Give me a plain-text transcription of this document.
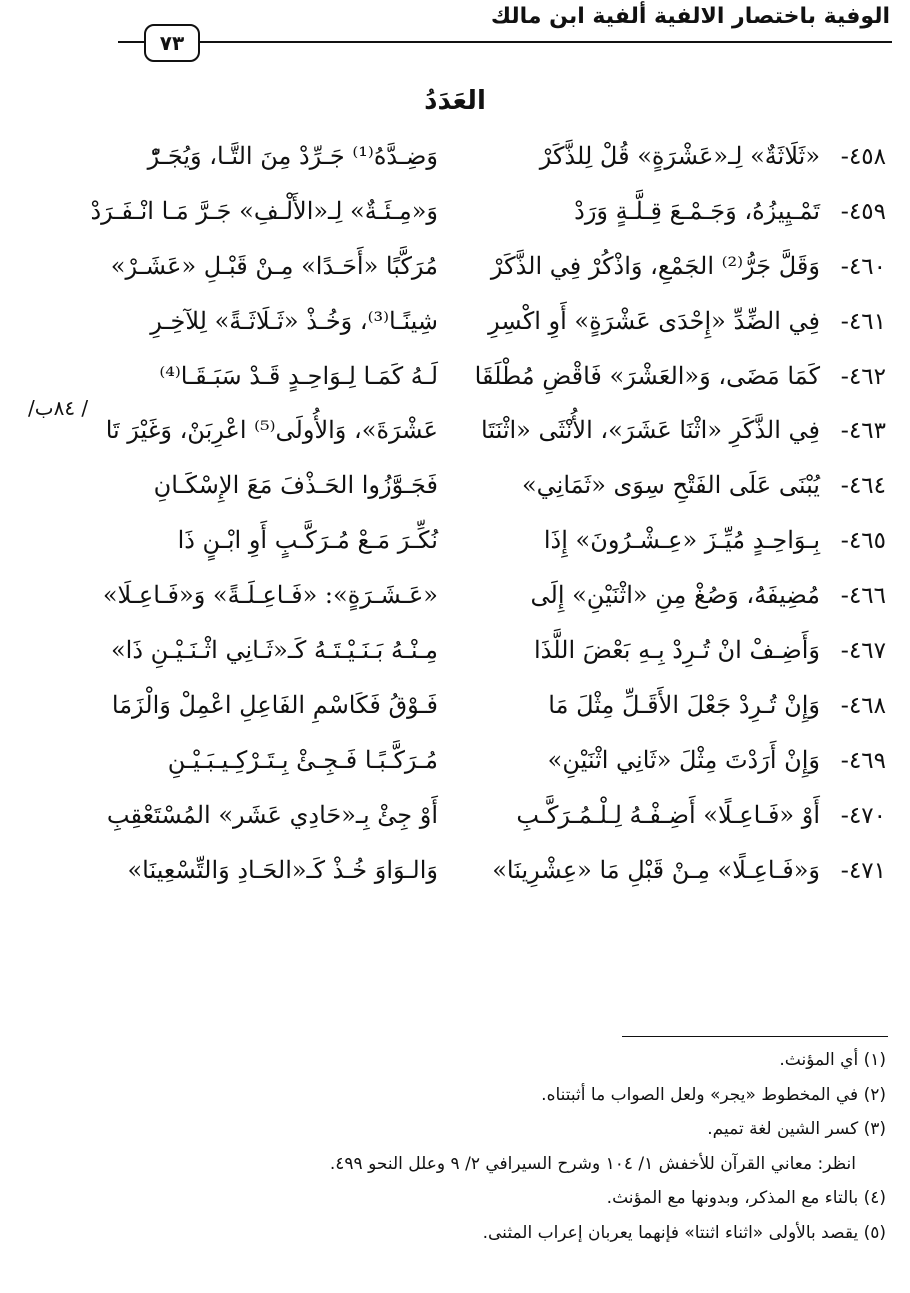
الوفية باختصار الالفية ألفية ابن مالك
٧٣
العَدَدُ
٤٥٨-
«ثَلَاثَةٌ» لِـ«عَشْرَةٍ» قُلْ لِلذَّكَرْ
وَضِـدَّهُ⁽¹⁾ جَـرِّدْ مِنَ التَّـا، وَيُجَـرّْ
٤٥٩-
تَمْـيِيزُهُ، وَجَـمْـعَ قِـلَّـةٍ وَرَدْ
وَ«مِـئَـةٌ» لِـ«الأَلْـفِ» جَـرَّ مَـا انْـفَـرَدْ
٤٦٠-
وَقَلَّ جَرُّ⁽²⁾ الجَمْعِ، وَاذْكُرْ فِي الذَّكَرْ
مُرَكَّبًا «أَحَـدًا» مِـنْ قَبْـلِ «عَشَـرْ»
٤٦١-
فِي الضِّدِّ «إِحْدَى عَشْرَةٍ» أَوِ اكْسِرِ
شِينًـا⁽³⁾، وَخُـذْ «ثَـلَاثَـةً» لِلآخِـرِ
٤٦٢-
كَمَا مَضَى، وَ«العَشْرَ» فَاقْضِ مُطْلَقَا
لَـهُ كَمَـا لِـوَاحِـدٍ قَـدْ سَبَـقَـا⁽⁴⁾
٤٦٣-
فِي الذَّكَرِ «اثْنَا عَشَرَ»، الأُنْثَى «اثْنَتَا
عَشْرَةَ»، وَالأُولَى⁽⁵⁾ اعْرِبَنْ، وَغَيْرَ تَا
٤٦٤-
يُبْنَى عَلَى الفَتْحِ سِوَى «ثَمَانِي»
فَجَـوَّزُوا الحَـذْفَ مَعَ الإِسْكَـانِ
٤٦٥-
بِـوَاحِـدٍ مُيِّـزَ «عِـشْـرُونَ» إِذَا
نُكِّـرَ مَـعْ مُـرَكَّـبٍ أَوِ ابْـنٍ ذَا
٤٦٦-
مُضِيفَهُ، وَصُغْ مِنِ «اثْنَيْنِ» إِلَى
«عَـشَـرَةٍ»: «فَـاعِـلَـةً» وَ«فَـاعِـلَا»
٤٦٧-
وَأَضِـفْ انْ تُـرِدْ بِـهِ بَعْضَ اللَّذَا
مِـنْـهُ بَـنَـيْـتَـهُ كَـ«ثَـانِي اثْـنَـيْـنِ ذَا»
٤٦٨-
وَإِنْ تُـرِدْ جَعْلَ الأَقَـلِّ مِثْلَ مَا
فَـوْقُ فَكَاسْمِ الفَاعِلِ اعْمِلْ وَالْزَمَا
٤٦٩-
وَإِنْ أَرَدْتَ مِثْلَ «ثَانِي اثْنَيْنِ»
مُـرَكَّـبًـا فَـجِـئْ بِـتَـرْكِـيـبَـيْـنِ
٤٧٠-
أَوْ «فَـاعِـلًا» أَضِـفْـهُ لِـلْـمُـرَكَّـبِ
أَوْ جِئْ بِـ«حَادِي عَشَر» المُسْتَعْقِبِ
٤٧١-
وَ«فَـاعِـلًا» مِـنْ قَبْلِ مَا «عِشْرِينَا»
وَالـوَاوَ خُـذْ كَـ«الحَـادِ وَالتِّسْعِينَا»
/ ٨٤ب/
(١) أي المؤنث.
(٢) في المخطوط «يجر» ولعل الصواب ما أثبتناه.
(٣) كسر الشين لغة تميم.
انظر: معاني القرآن للأخفش ١/ ١٠٤ وشرح السيرافي ٢/ ٩ وعلل النحو ٤٩٩.
(٤) بالتاء مع المذكر، وبدونها مع المؤنث.
(٥) يقصد بالأولى «اثناء اثنتا» فإنهما يعربان إعراب المثنى.
